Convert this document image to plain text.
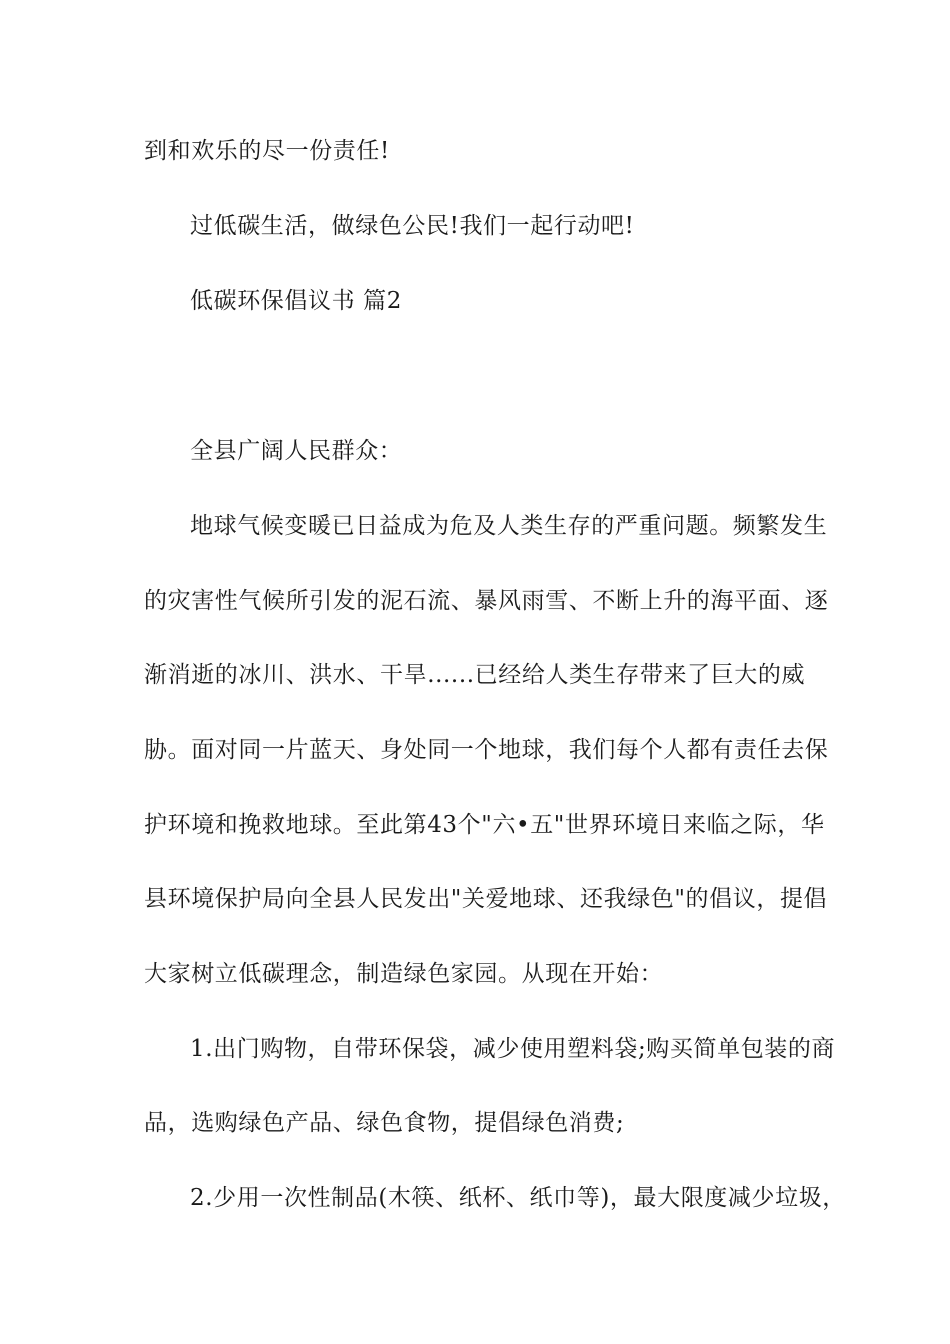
到和欢乐的尽一份责任!
过低碳生活，做绿色公民!我们一起行动吧!
低碳环保倡议书 篇2
全县广阔人民群众：
地球气候变暖已日益成为危及人类生存的严重问题。频繁发生
的灾害性气候所引发的泥石流、暴风雨雪、不断上升的海平面、逐
渐消逝的冰川、洪水、干旱......已经给人类生存带来了巨大的威
胁。面对同一片蓝天、身处同一个地球，我们每个人都有责任去保
护环境和挽救地球。至此第43个"六•五"世界环境日来临之际，华
县环境保护局向全县人民发出"关爱地球、还我绿色"的倡议，提倡
大家树立低碳理念，制造绿色家园。从现在开始：
1.出门购物，自带环保袋，减少使用塑料袋;购买简单包装的商
品，选购绿色产品、绿色食物，提倡绿色消费;
2.少用一次性制品(木筷、纸杯、纸巾等)，最大限度减少垃圾，
